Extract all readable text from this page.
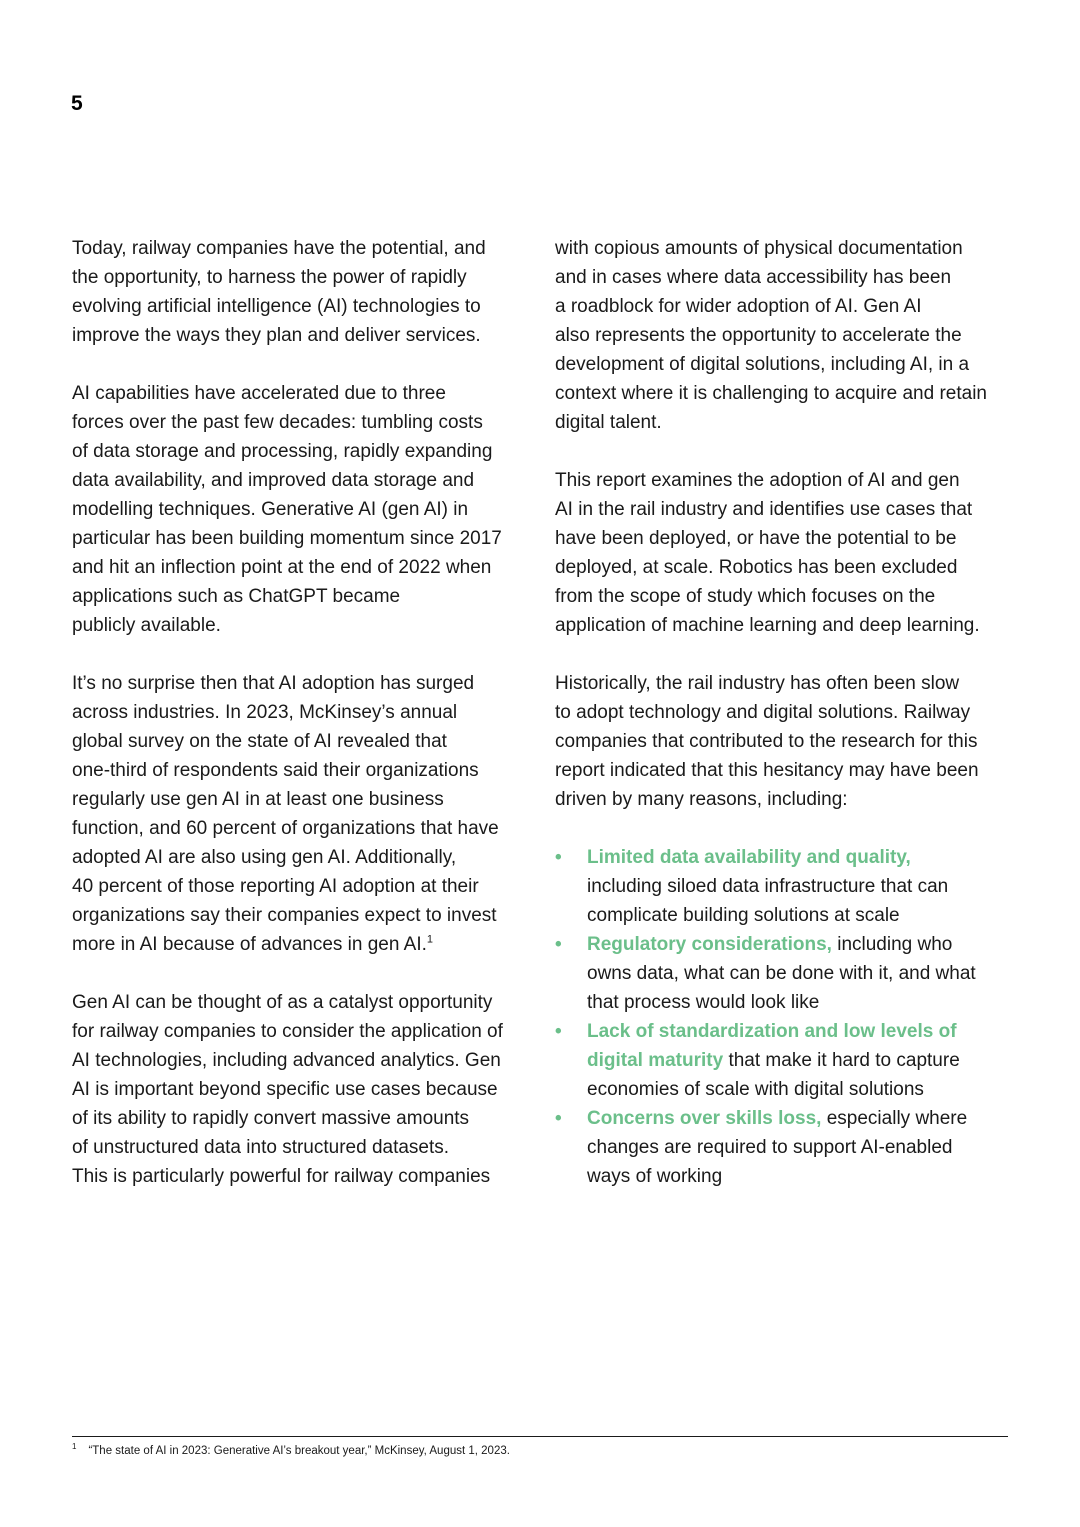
5
Today, railway companies have the potential, and
the opportunity, to harness the power of rapidly
evolving artificial intelligence (AI) technologies to
improve the ways they plan and deliver services.
AI capabilities have accelerated due to three
forces over the past few decades: tumbling costs
of data storage and processing, rapidly expanding
data availability, and improved data storage and
modelling techniques. Generative AI (gen AI) in
particular has been building momentum since 2017
and hit an inflection point at the end of 2022 when
applications such as ChatGPT became
publicly available.
It’s no surprise then that AI adoption has surged
across industries. In 2023, McKinsey’s annual
global survey on the state of AI revealed that
one-third of respondents said their organizations
regularly use gen AI in at least one business
function, and 60 percent of organizations that have
adopted AI are also using gen AI. Additionally,
40 percent of those reporting AI adoption at their
organizations say their companies expect to invest
more in AI because of advances in gen AI.$^1$
Gen AI can be thought of as a catalyst opportunity
for railway companies to consider the application of
AI technologies, including advanced analytics. Gen
AI is important beyond specific use cases because
of its ability to rapidly convert massive amounts
of unstructured data into structured datasets.
This is particularly powerful for railway companies
with copious amounts of physical documentation
and in cases where data accessibility has been
a roadblock for wider adoption of AI. Gen AI
also represents the opportunity to accelerate the
development of digital solutions, including AI, in a
context where it is challenging to acquire and retain
digital talent.
This report examines the adoption of AI and gen
AI in the rail industry and identifies use cases that
have been deployed, or have the potential to be
deployed, at scale. Robotics has been excluded
from the scope of study which focuses on the
application of machine learning and deep learning.
Historically, the rail industry has often been slow
to adopt technology and digital solutions. Railway
companies that contributed to the research for this
report indicated that this hesitancy may have been
driven by many reasons, including:
• Limited data availability and quality,
including siloed data infrastructure that can
complicate building solutions at scale
• Regulatory considerations, including who
owns data, what can be done with it, and what
that process would look like
• Lack of standardization and low levels of
digital maturity that make it hard to capture
economies of scale with digital solutions
• Concerns over skills loss, especially where
changes are required to support AI-enabled
ways of working
$^1$ “The state of AI in 2023: Generative AI’s breakout year,” McKinsey, August 1, 2023.
